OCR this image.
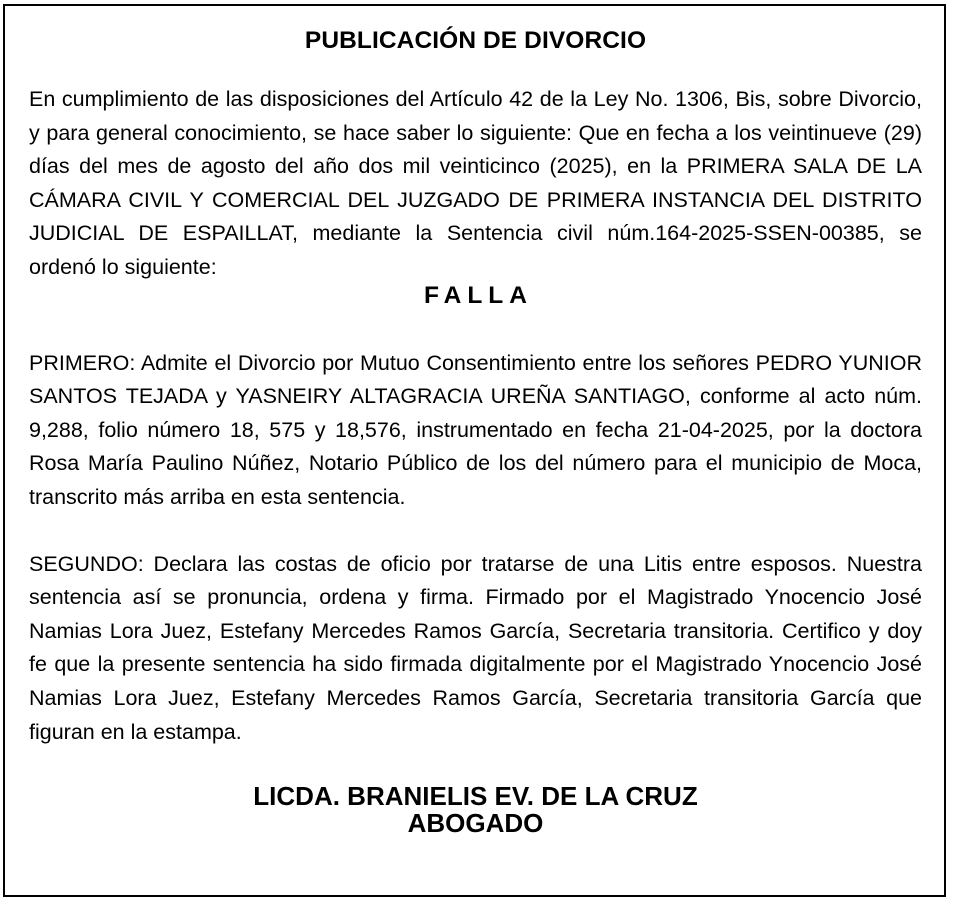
PUBLICACIÓN DE DIVORCIO

En cumplimiento de las disposiciones del Artículo 42 de la Ley No. 1306, Bis, sobre Divorcio, y para general conocimiento, se hace saber lo siguiente: Que en fecha a los veintinueve (29) días del mes de agosto del año dos mil veinticinco (2025), en la PRIMERA SALA DE LA CÁMARA CIVIL Y COMERCIAL DEL JUZGADO DE PRIMERA INSTANCIA DEL DISTRITO JUDICIAL DE ESPAILLAT, mediante la Sentencia civil núm.164-2025-SSEN-00385, se ordenó lo siguiente:

FALLA

PRIMERO: Admite el Divorcio por Mutuo Consentimiento entre los señores PEDRO YUNIOR SANTOS TEJADA y YASNEIRY ALTAGRACIA UREÑA SANTIAGO, conforme al acto núm. 9,288, folio número 18, 575 y 18,576, instrumentado en fecha 21-04-2025, por la doctora Rosa María Paulino Núñez, Notario Público de los del número para el municipio de Moca, transcrito más arriba en esta sentencia.

SEGUNDO: Declara las costas de oficio por tratarse de una Litis entre esposos. Nuestra sentencia así se pronuncia, ordena y firma. Firmado por el Magistrado Ynocencio José Namias Lora Juez, Estefany Mercedes Ramos García, Secretaria transitoria. Certifico y doy fe que la presente sentencia ha sido firmada digitalmente por el Magistrado Ynocencio José Namias Lora Juez, Estefany Mercedes Ramos García, Secretaria transitoria García que figuran en la estampa.

LICDA. BRANIELIS EV. DE LA CRUZ
ABOGADO
